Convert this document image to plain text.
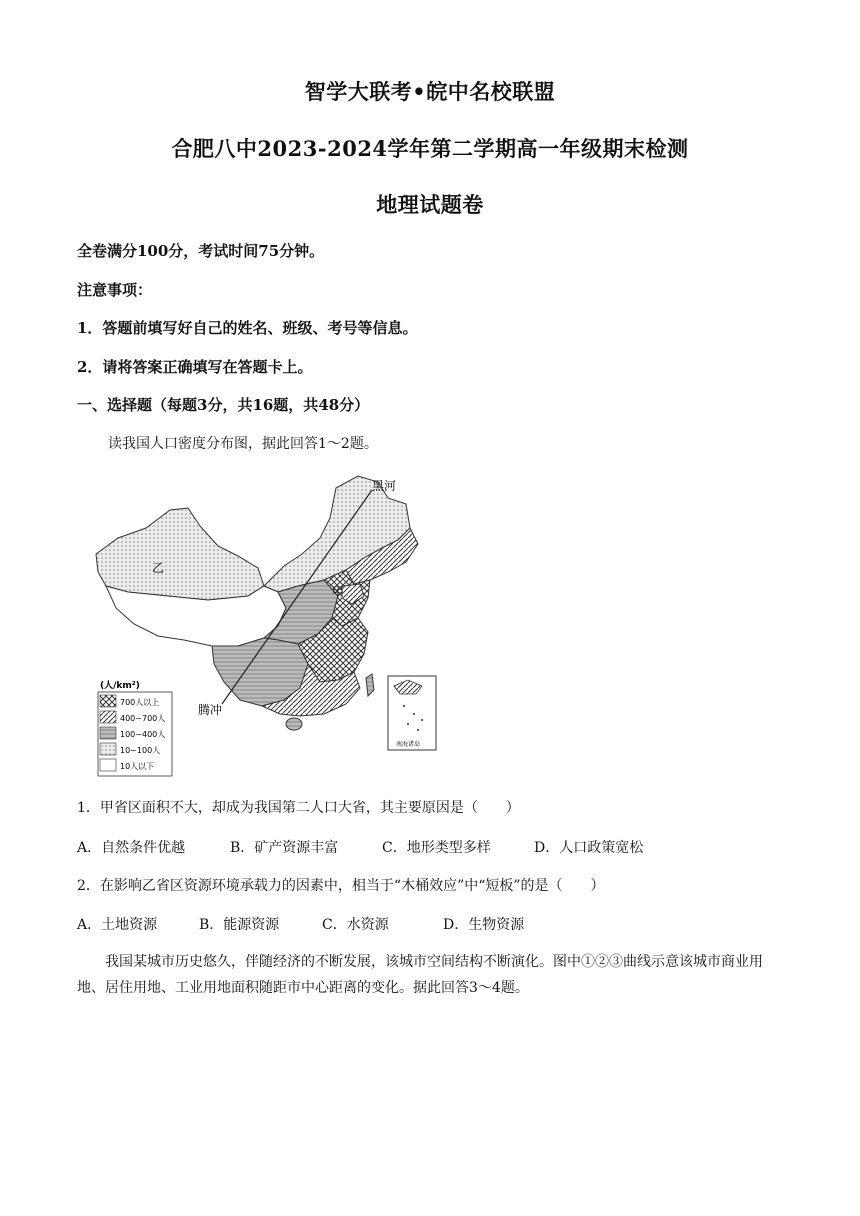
智学大联考•皖中名校联盟
合肥八中2023-2024学年第二学期高一年级期末检测
地理试题卷
全卷满分100分，考试时间75分钟。
注意事项：
1．答题前填写好自己的姓名、班级、考号等信息。
2．请将答案正确填写在答题卡上。
一、选择题（每题3分，共16题，共48分）
读我国人口密度分布图，据此回答1～2题。
黑河
乙
甲
腾冲
南海诸岛
(人/km²)
700人以上
400~700人
100~400人
10~100人
10人以下
1．甲省区面积不大，却成为我国第二人口大省，其主要原因是（　　）
A．自然条件优越	B．矿产资源丰富	C．地形类型多样	D．人口政策宽松
2．在影响乙省区资源环境承载力的因素中，相当于“木桶效应”中“短板”的是（　　）
A．土地资源	B．能源资源	C．水资源	D．生物资源
我国某城市历史悠久，伴随经济的不断发展，该城市空间结构不断演化。图中①②③曲线示意该城市商业用地、居住用地、工业用地面积随距市中心距离的变化。据此回答3～4题。
